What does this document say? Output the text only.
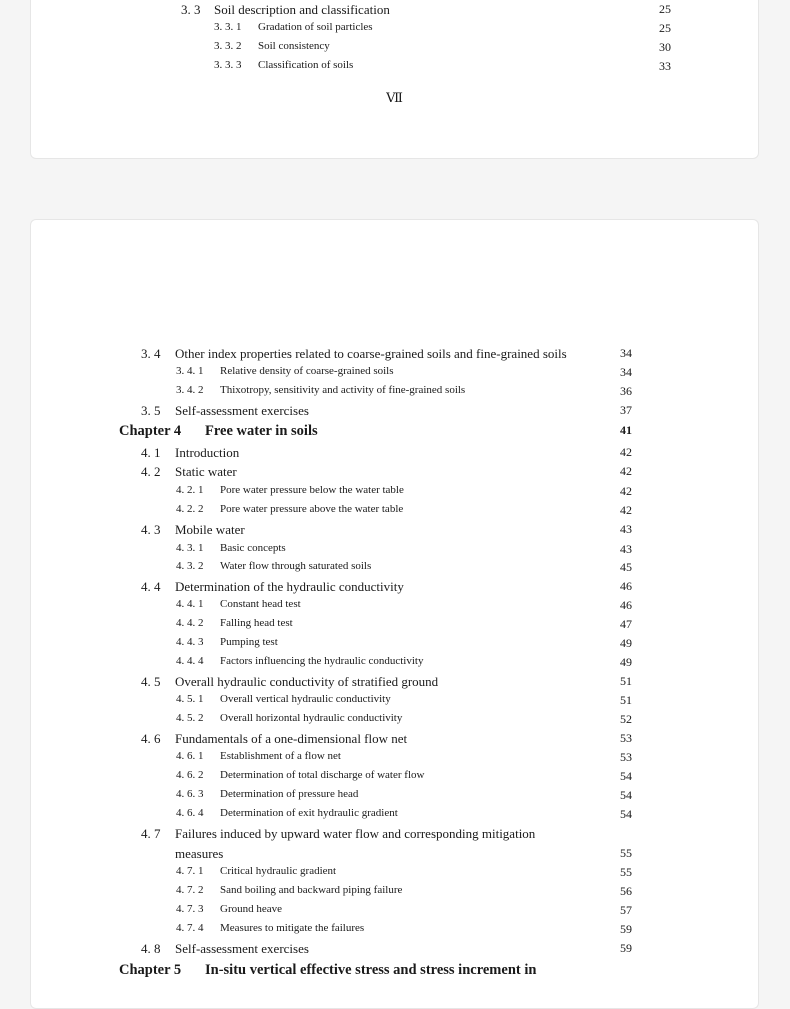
3. 3 Soil description and classification	25
3. 3. 1 Gradation of soil particles	25
3. 3. 2 Soil consistency	30
3. 3. 3 Classification of soils	33
Ⅶ
3. 4 Other index properties related to coarse-grained soils and fine-grained soils	34
3. 4. 1 Relative density of coarse-grained soils	34
3. 4. 2 Thixotropy, sensitivity and activity of fine-grained soils	36
3. 5 Self-assessment exercises	37
Chapter 4 Free water in soils	41
4. 1 Introduction	42
4. 2 Static water	42
4. 2. 1 Pore water pressure below the water table	42
4. 2. 2 Pore water pressure above the water table	42
4. 3 Mobile water	43
4. 3. 1 Basic concepts	43
4. 3. 2 Water flow through saturated soils	45
4. 4 Determination of the hydraulic conductivity	46
4. 4. 1 Constant head test	46
4. 4. 2 Falling head test	47
4. 4. 3 Pumping test	49
4. 4. 4 Factors influencing the hydraulic conductivity	49
4. 5 Overall hydraulic conductivity of stratified ground	51
4. 5. 1 Overall vertical hydraulic conductivity	51
4. 5. 2 Overall horizontal hydraulic conductivity	52
4. 6 Fundamentals of a one-dimensional flow net	53
4. 6. 1 Establishment of a flow net	53
4. 6. 2 Determination of total discharge of water flow	54
4. 6. 3 Determination of pressure head	54
4. 6. 4 Determination of exit hydraulic gradient	54
4. 7 Failures induced by upward water flow and corresponding mitigation
measures	55
4. 7. 1 Critical hydraulic gradient	55
4. 7. 2 Sand boiling and backward piping failure	56
4. 7. 3 Ground heave	57
4. 7. 4 Measures to mitigate the failures	59
4. 8 Self-assessment exercises	59
Chapter 5 In-situ vertical effective stress and stress increment in
